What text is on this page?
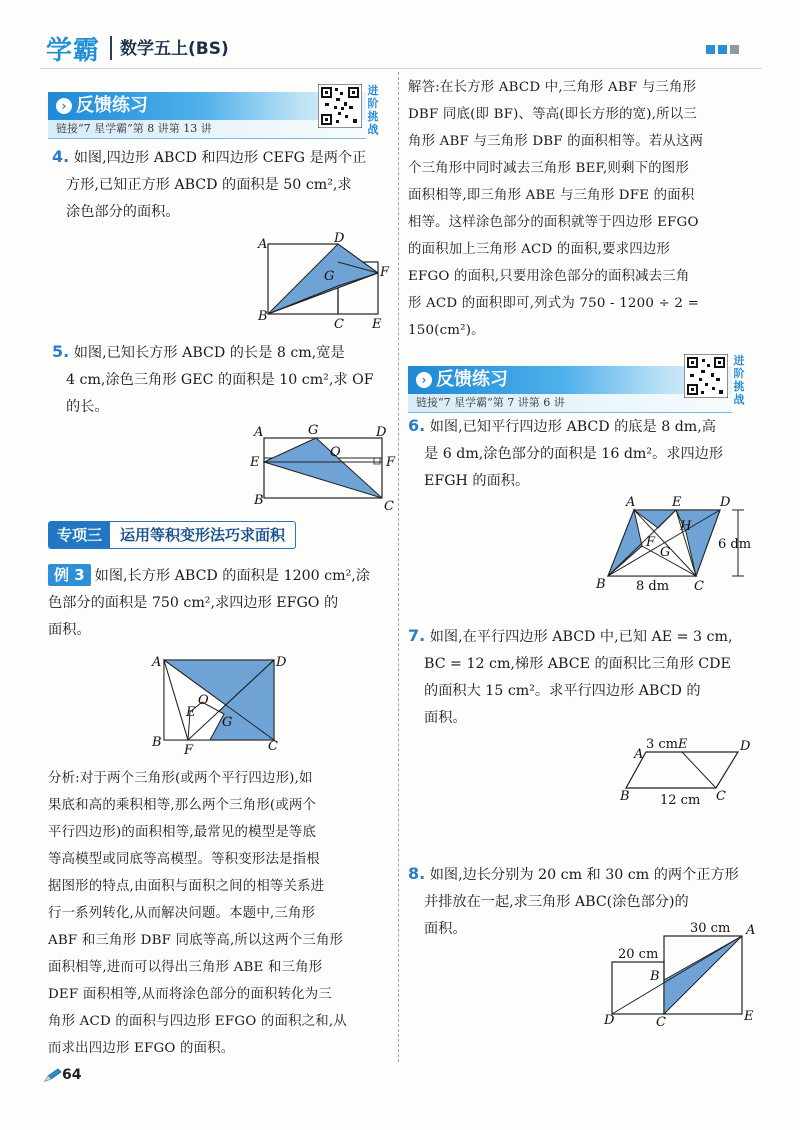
学霸 数学五上(BS)
› 反馈练习
链接“7 星学霸”第 8 讲第 13 讲
进
阶
挑
战
4. 如图,四边形 ABCD 和四边形 CEFG 是两个正
方形,已知正方形 ABCD 的面积是 50 cm²,求
涂色部分的面积。
A
B
C
D
E
F
G
5. 如图,已知长方形 ABCD 的长是 8 cm,宽是
4 cm,涂色三角形 GEC 的面积是 10 cm²,求 OF
的长。
A
B	C
D
E	F
G
O
专项三	运用等积变形法巧求面积
例 3 如图,长方形 ABCD 的面积是 1200 cm²,涂
色部分的面积是 750 cm²,求四边形 EFGO 的
面积。
A
B	C
D
E
F
G
O
分析:对于两个三角形(或两个平行四边形),如
果底和高的乘积相等,那么两个三角形(或两个
平行四边形)的面积相等,最常见的模型是等底
等高模型或同底等高模型。等积变形法是指根
据图形的特点,由面积与面积之间的相等关系进
行一系列转化,从而解决问题。本题中,三角形
ABF 和三角形 DBF 同底等高,所以这两个三角形
面积相等,进而可以得出三角形 ABE 和三角形
DEF 面积相等,从而将涂色部分的面积转化为三
角形 ACD 的面积与四边形 EFGO 的面积之和,从
而求出四边形 EFGO 的面积。
解答:在长方形 ABCD 中,三角形 ABF 与三角形
DBF 同底(即 BF)、等高(即长方形的宽),所以三
角形 ABF 与三角形 DBF 的面积相等。若从这两
个三角形中同时减去三角形 BEF,则剩下的图形
面积相等,即三角形 ABE 与三角形 DFE 的面积
相等。这样涂色部分的面积就等于四边形 EFGO
的面积加上三角形 ACD 的面积,要求四边形
EFGO 的面积,只要用涂色部分的面积减去三角
形 ACD 的面积即可,列式为 750 - 1200 ÷ 2 =
150(cm²)。
› 反馈练习
链接“7 星学霸”第 7 讲第 6 讲
进
阶
挑
战
6. 如图,已知平行四边形 ABCD 的底是 8 dm,高
是 6 dm,涂色部分的面积是 16 dm²。求四边形
EFGH 的面积。
A
B	C
D
E
F
G
H
6 dm
8 dm
7. 如图,在平行四边形 ABCD 中,已知 AE = 3 cm,
BC = 12 cm,梯形 ABCE 的面积比三角形 CDE
的面积大 15 cm²。求平行四边形 ABCD 的
面积。
A
B	C
D
E
3 cm
12 cm
8. 如图,边长分别为 20 cm 和 30 cm 的两个正方形
并排放在一起,求三角形 ABC(涂色部分)的
面积。
D	C	E
A
B
20 cm
30 cm
64
